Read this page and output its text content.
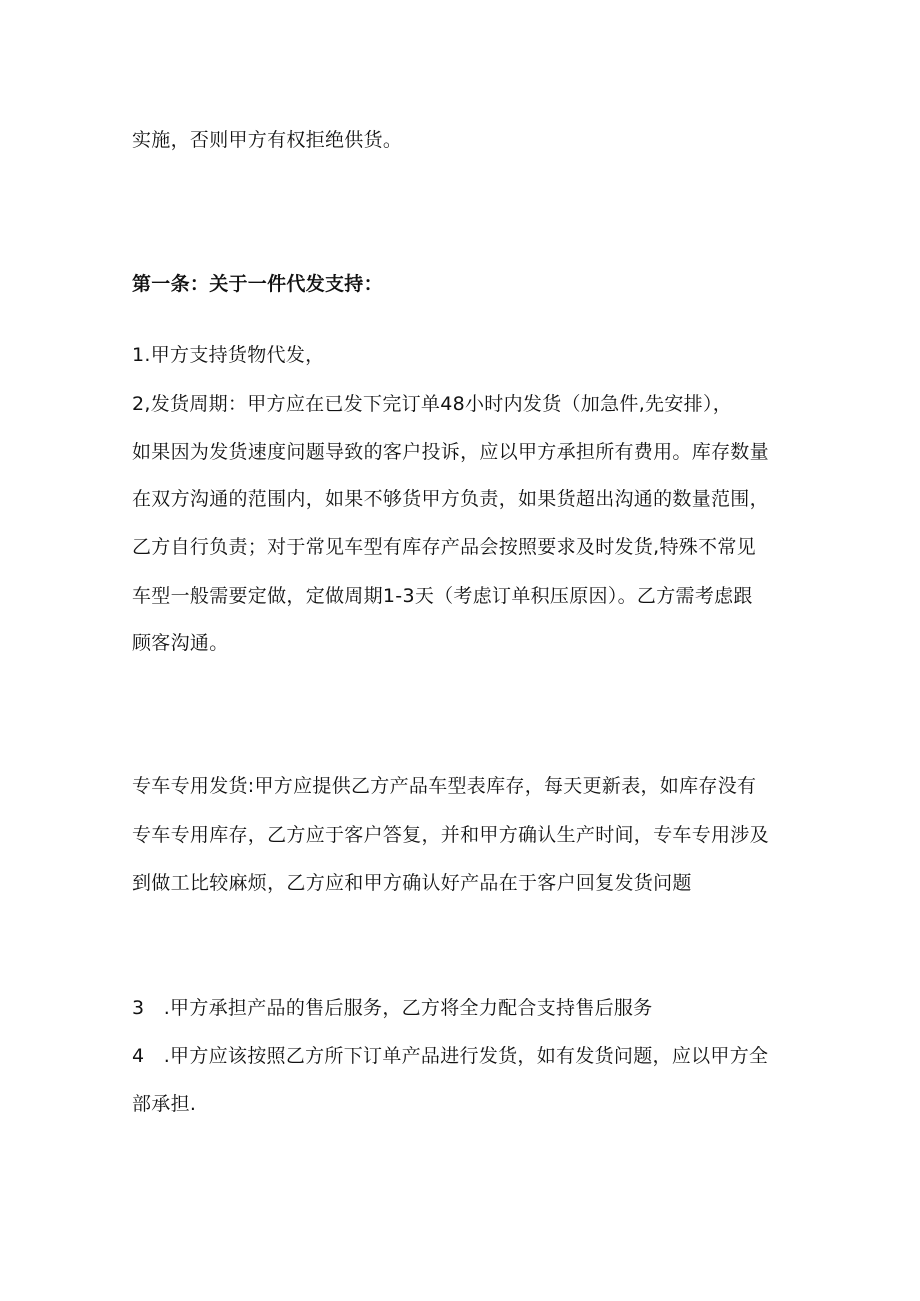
实施，否则甲方有权拒绝供货。
第一条：关于一件代发支持：
1.甲方支持货物代发，
2,发货周期：甲方应在已发下完订单48小时内发货（加急件,先安排），
如果因为发货速度问题导致的客户投诉，应以甲方承担所有费用。库存数量
在双方沟通的范围内，如果不够货甲方负责，如果货超出沟通的数量范围，
乙方自行负责；对于常见车型有库存产品会按照要求及时发货,特殊不常见
车型一般需要定做，定做周期1-3天（考虑订单积压原因）。乙方需考虑跟
顾客沟通。
专车专用发货:甲方应提供乙方产品车型表库存，每天更新表，如库存没有
专车专用库存，乙方应于客户答复，并和甲方确认生产时间，专车专用涉及
到做工比较麻烦，乙方应和甲方确认好产品在于客户回复发货问题
3　.甲方承担产品的售后服务，乙方将全力配合支持售后服务
4　.甲方应该按照乙方所下订单产品进行发货，如有发货问题，应以甲方全
部承担.
